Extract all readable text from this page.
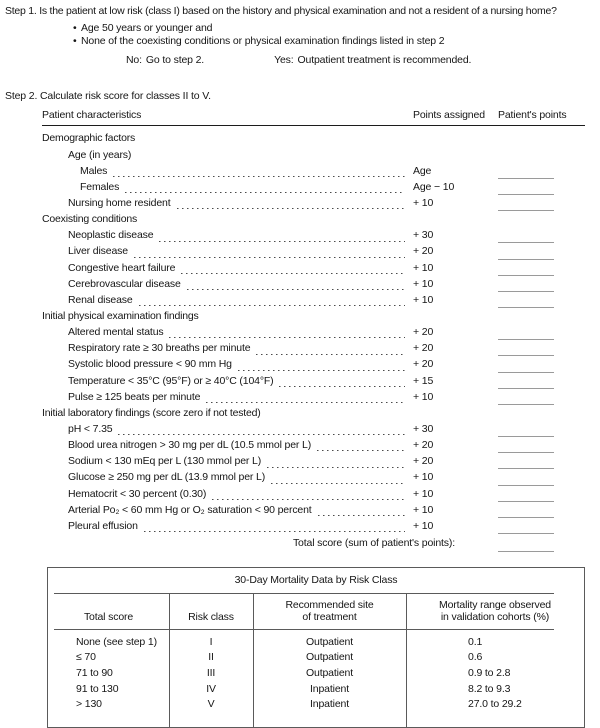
Step 1. Is the patient at low risk (class I) based on the history and physical examination and not a resident of a nursing home?
• Age 50 years or younger and
• None of the coexisting conditions or physical examination findings listed in step 2
No: Go to step 2.	Yes: Outpatient treatment is recommended.
Step 2. Calculate risk score for classes II to V.
Patient characteristics	Points assigned	Patient's points
Demographic factors
Age (in years)
Males	Age
Females	Age − 10
Nursing home resident	+ 10
Coexisting conditions
Neoplastic disease	+ 30
Liver disease	+ 20
Congestive heart failure	+ 10
Cerebrovascular disease	+ 10
Renal disease	+ 10
Initial physical examination findings
Altered mental status	+ 20
Respiratory rate ≥ 30 breaths per minute	+ 20
Systolic blood pressure < 90 mm Hg	+ 20
Temperature < 35°C (95°F) or ≥ 40°C (104°F)	+ 15
Pulse ≥ 125 beats per minute	+ 10
Initial laboratory findings (score zero if not tested)
pH < 7.35	+ 30
Blood urea nitrogen > 30 mg per dL (10.5 mmol per L)	+ 20
Sodium < 130 mEq per L (130 mmol per L)	+ 20
Glucose ≥ 250 mg per dL (13.9 mmol per L)	+ 10
Hematocrit < 30 percent (0.30)	+ 10
Arterial Po₂ < 60 mm Hg or O₂ saturation < 90 percent	+ 10
Pleural effusion	+ 10
Total score (sum of patient's points):
30-Day Mortality Data by Risk Class
Total score	Risk class
Recommended site
of treatment
Mortality range observed
in validation cohorts (%)
None (see step 1)	I	Outpatient	0.1
≤ 70	II	Outpatient	0.6
71 to 90	III	Outpatient	0.9 to 2.8
91 to 130	IV	Inpatient	8.2 to 9.3
> 130	V	Inpatient	27.0 to 29.2
